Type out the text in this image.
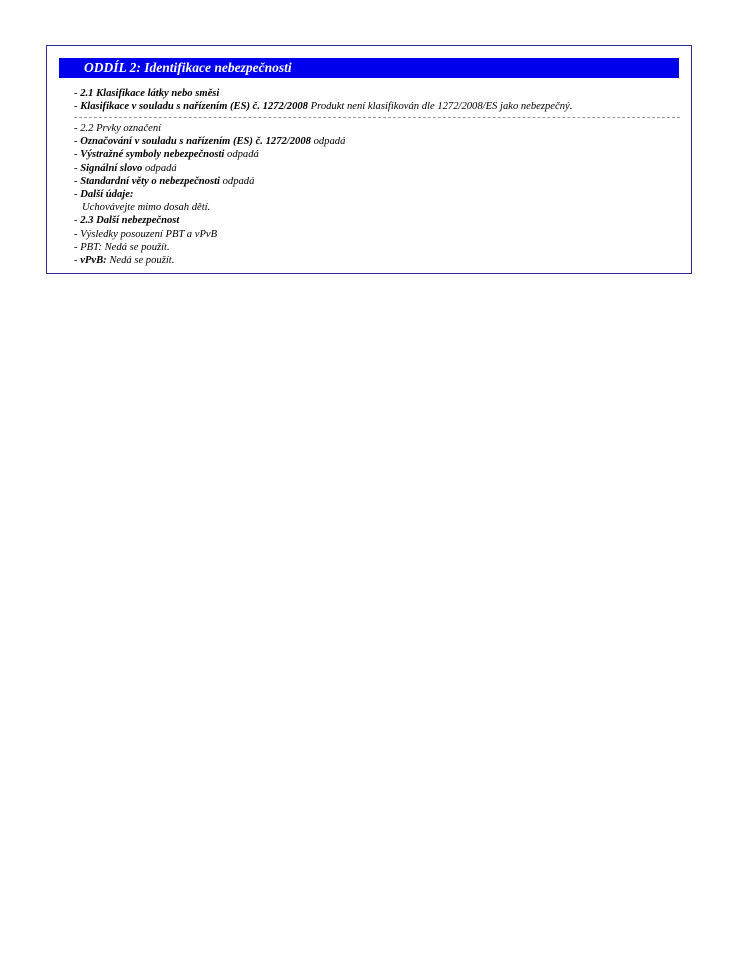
ODDÍL 2: Identifikace nebezpečnosti
- 2.1 Klasifikace látky nebo směsi
- Klasifikace v souladu s nařízením (ES) č. 1272/2008 Produkt není klasifikován dle 1272/2008/ES jako nebezpečný.
- 2.2 Prvky označení
- Označování v souladu s nařízením (ES) č. 1272/2008 odpadá
- Výstražné symboly nebezpečnosti odpadá
- Signální slovo odpadá
- Standardní věty o nebezpečnosti odpadá
- Další údaje:
Uchovávejte mimo dosah dětí.
- 2.3 Další nebezpečnost
- Výsledky posouzení PBT a vPvB
- PBT: Nedá se použít.
- vPvB: Nedá se použít.
